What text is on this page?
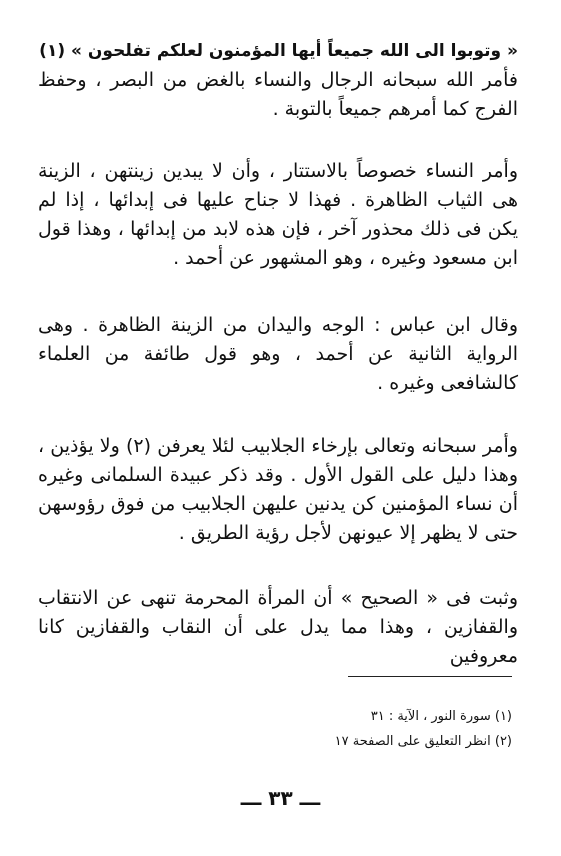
« وتوبوا الى الله جميعاً أيها المؤمنون لعلكم تفلحون » (١)
فأمر الله سبحانه الرجال والنساء بالغض من البصر ، وحفظ الفرج كما أمرهم جميعاً بالتوبة .
وأمر النساء خصوصاً بالاستتار ، وأن لا يبدين زينتهن ، الزينة هى الثياب الظاهرة . فهذا لا جناح عليها فى إبدائها ، إذا لم يكن فى ذلك محذور آخر ، فإن هذه لابد من إبدائها ، وهذا قول ابن مسعود وغيره ، وهو المشهور عن أحمد .
وقال ابن عباس : الوجه واليدان من الزينة الظاهرة . وهى الرواية الثانية عن أحمد ، وهو قول طائفة من العلماء كالشافعى وغيره .
وأمر سبحانه وتعالى بإرخاء الجلابيب لئلا يعرفن (٢) ولا يؤذين ، وهذا دليل على القول الأول . وقد ذكر عبيدة السلمانى وغيره أن نساء المؤمنين كن يدنين عليهن الجلابيب من فوق رؤوسهن حتى لا يظهر إلا عيونهن لأجل رؤية الطريق .
وثبت فى « الصحيح » أن المرأة المحرمة تنهى عن الانتقاب والقفازين ، وهذا مما يدل على أن النقاب والقفازين كانا معروفين
(١) سورة النور ، الآية : ٣١
(٢) انظر التعليق على الصفحة ١٧
ـــ ٣٣ ـــ
